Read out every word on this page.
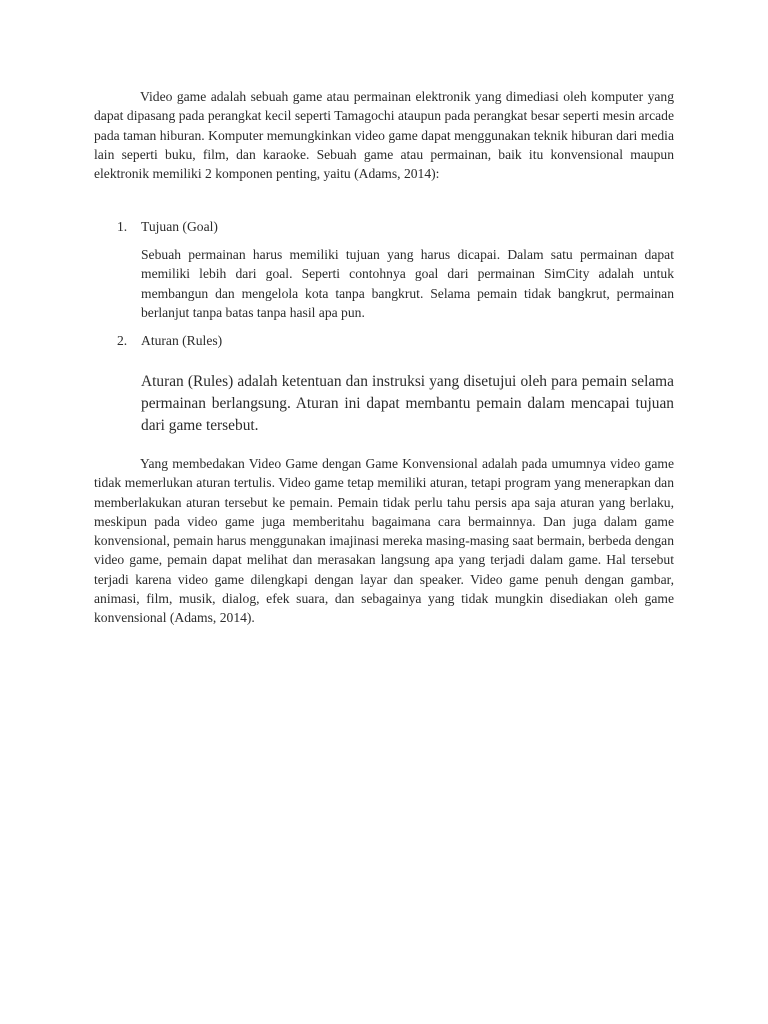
Video game adalah sebuah game atau permainan elektronik yang dimediasi oleh komputer yang dapat dipasang pada perangkat kecil seperti Tamagochi ataupun pada perangkat besar seperti mesin arcade pada taman hiburan. Komputer memungkinkan video game dapat menggunakan teknik hiburan dari media lain seperti buku, film, dan karaoke. Sebuah game atau permainan, baik itu konvensional maupun elektronik memiliki 2 komponen penting, yaitu (Adams, 2014):

1. Tujuan (Goal)

Sebuah permainan harus memiliki tujuan yang harus dicapai. Dalam satu permainan dapat memiliki lebih dari goal. Seperti contohnya goal dari permainan SimCity adalah untuk membangun dan mengelola kota tanpa bangkrut. Selama pemain tidak bangkrut, permainan berlanjut tanpa batas tanpa hasil apa pun.

2. Aturan (Rules)

Aturan (Rules) adalah ketentuan dan instruksi yang disetujui oleh para pemain selama permainan berlangsung. Aturan ini dapat membantu pemain dalam mencapai tujuan dari game tersebut.

Yang membedakan Video Game dengan Game Konvensional adalah pada umumnya video game tidak memerlukan aturan tertulis. Video game tetap memiliki aturan, tetapi program yang menerapkan dan memberlakukan aturan tersebut ke pemain. Pemain tidak perlu tahu persis apa saja aturan yang berlaku, meskipun pada video game juga memberitahu bagaimana cara bermainnya. Dan juga dalam game konvensional, pemain harus menggunakan imajinasi mereka masing-masing saat bermain, berbeda dengan video game, pemain dapat melihat dan merasakan langsung apa yang terjadi dalam game. Hal tersebut terjadi karena video game dilengkapi dengan layar dan speaker. Video game penuh dengan gambar, animasi, film, musik, dialog, efek suara, dan sebagainya yang tidak mungkin disediakan oleh game konvensional (Adams, 2014).
